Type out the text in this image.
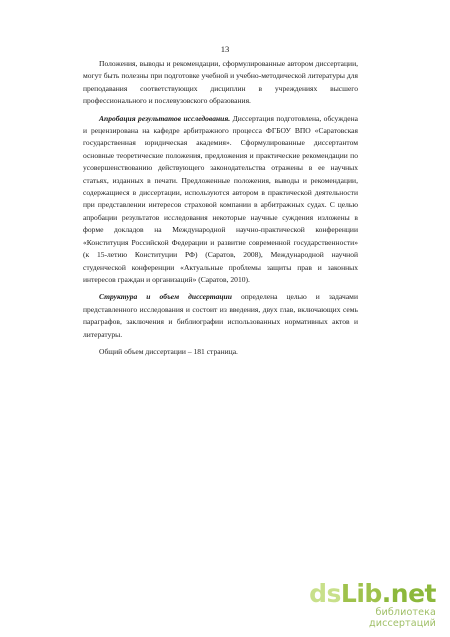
13

Положения, выводы и рекомендации, сформулированные автором диссертации, могут быть полезны при подготовке учебной и учебно-методической литературы для преподавания соответствующих дисциплин в учреждениях высшего профессионального и послевузовского образования.

Апробация результатов исследования. Диссертация подготовлена, обсуждена и рецензирована на кафедре арбитражного процесса ФГБОУ ВПО «Саратовская государственная юридическая академия». Сформулированные диссертантом основные теоретические положения, предложения и практические рекомендации по усовершенствованию действующего законодательства отражены в ее научных статьях, изданных в печати. Предложенные положения, выводы и рекомендации, содержащиеся в диссертации, используются автором в практической деятельности при представлении интересов страховой компании в арбитражных судах. С целью апробации результатов исследования некоторые научные суждения изложены в форме докладов на Международной научно-практической конференции «Конституция Российской Федерации и развитие современной государственности» (к 15-летию Конституции РФ) (Саратов, 2008), Международной научной студенческой конференции «Актуальные проблемы защиты прав и законных интересов граждан и организаций» (Саратов, 2010).

Структура и объем диссертации определена целью и задачами представленного исследования и состоит из введения, двух глав, включающих семь параграфов, заключения и библиографии использованных нормативных актов и литературы.

Общий объем диссертации – 181 страница.

dsLib.net
библиотека диссертаций
